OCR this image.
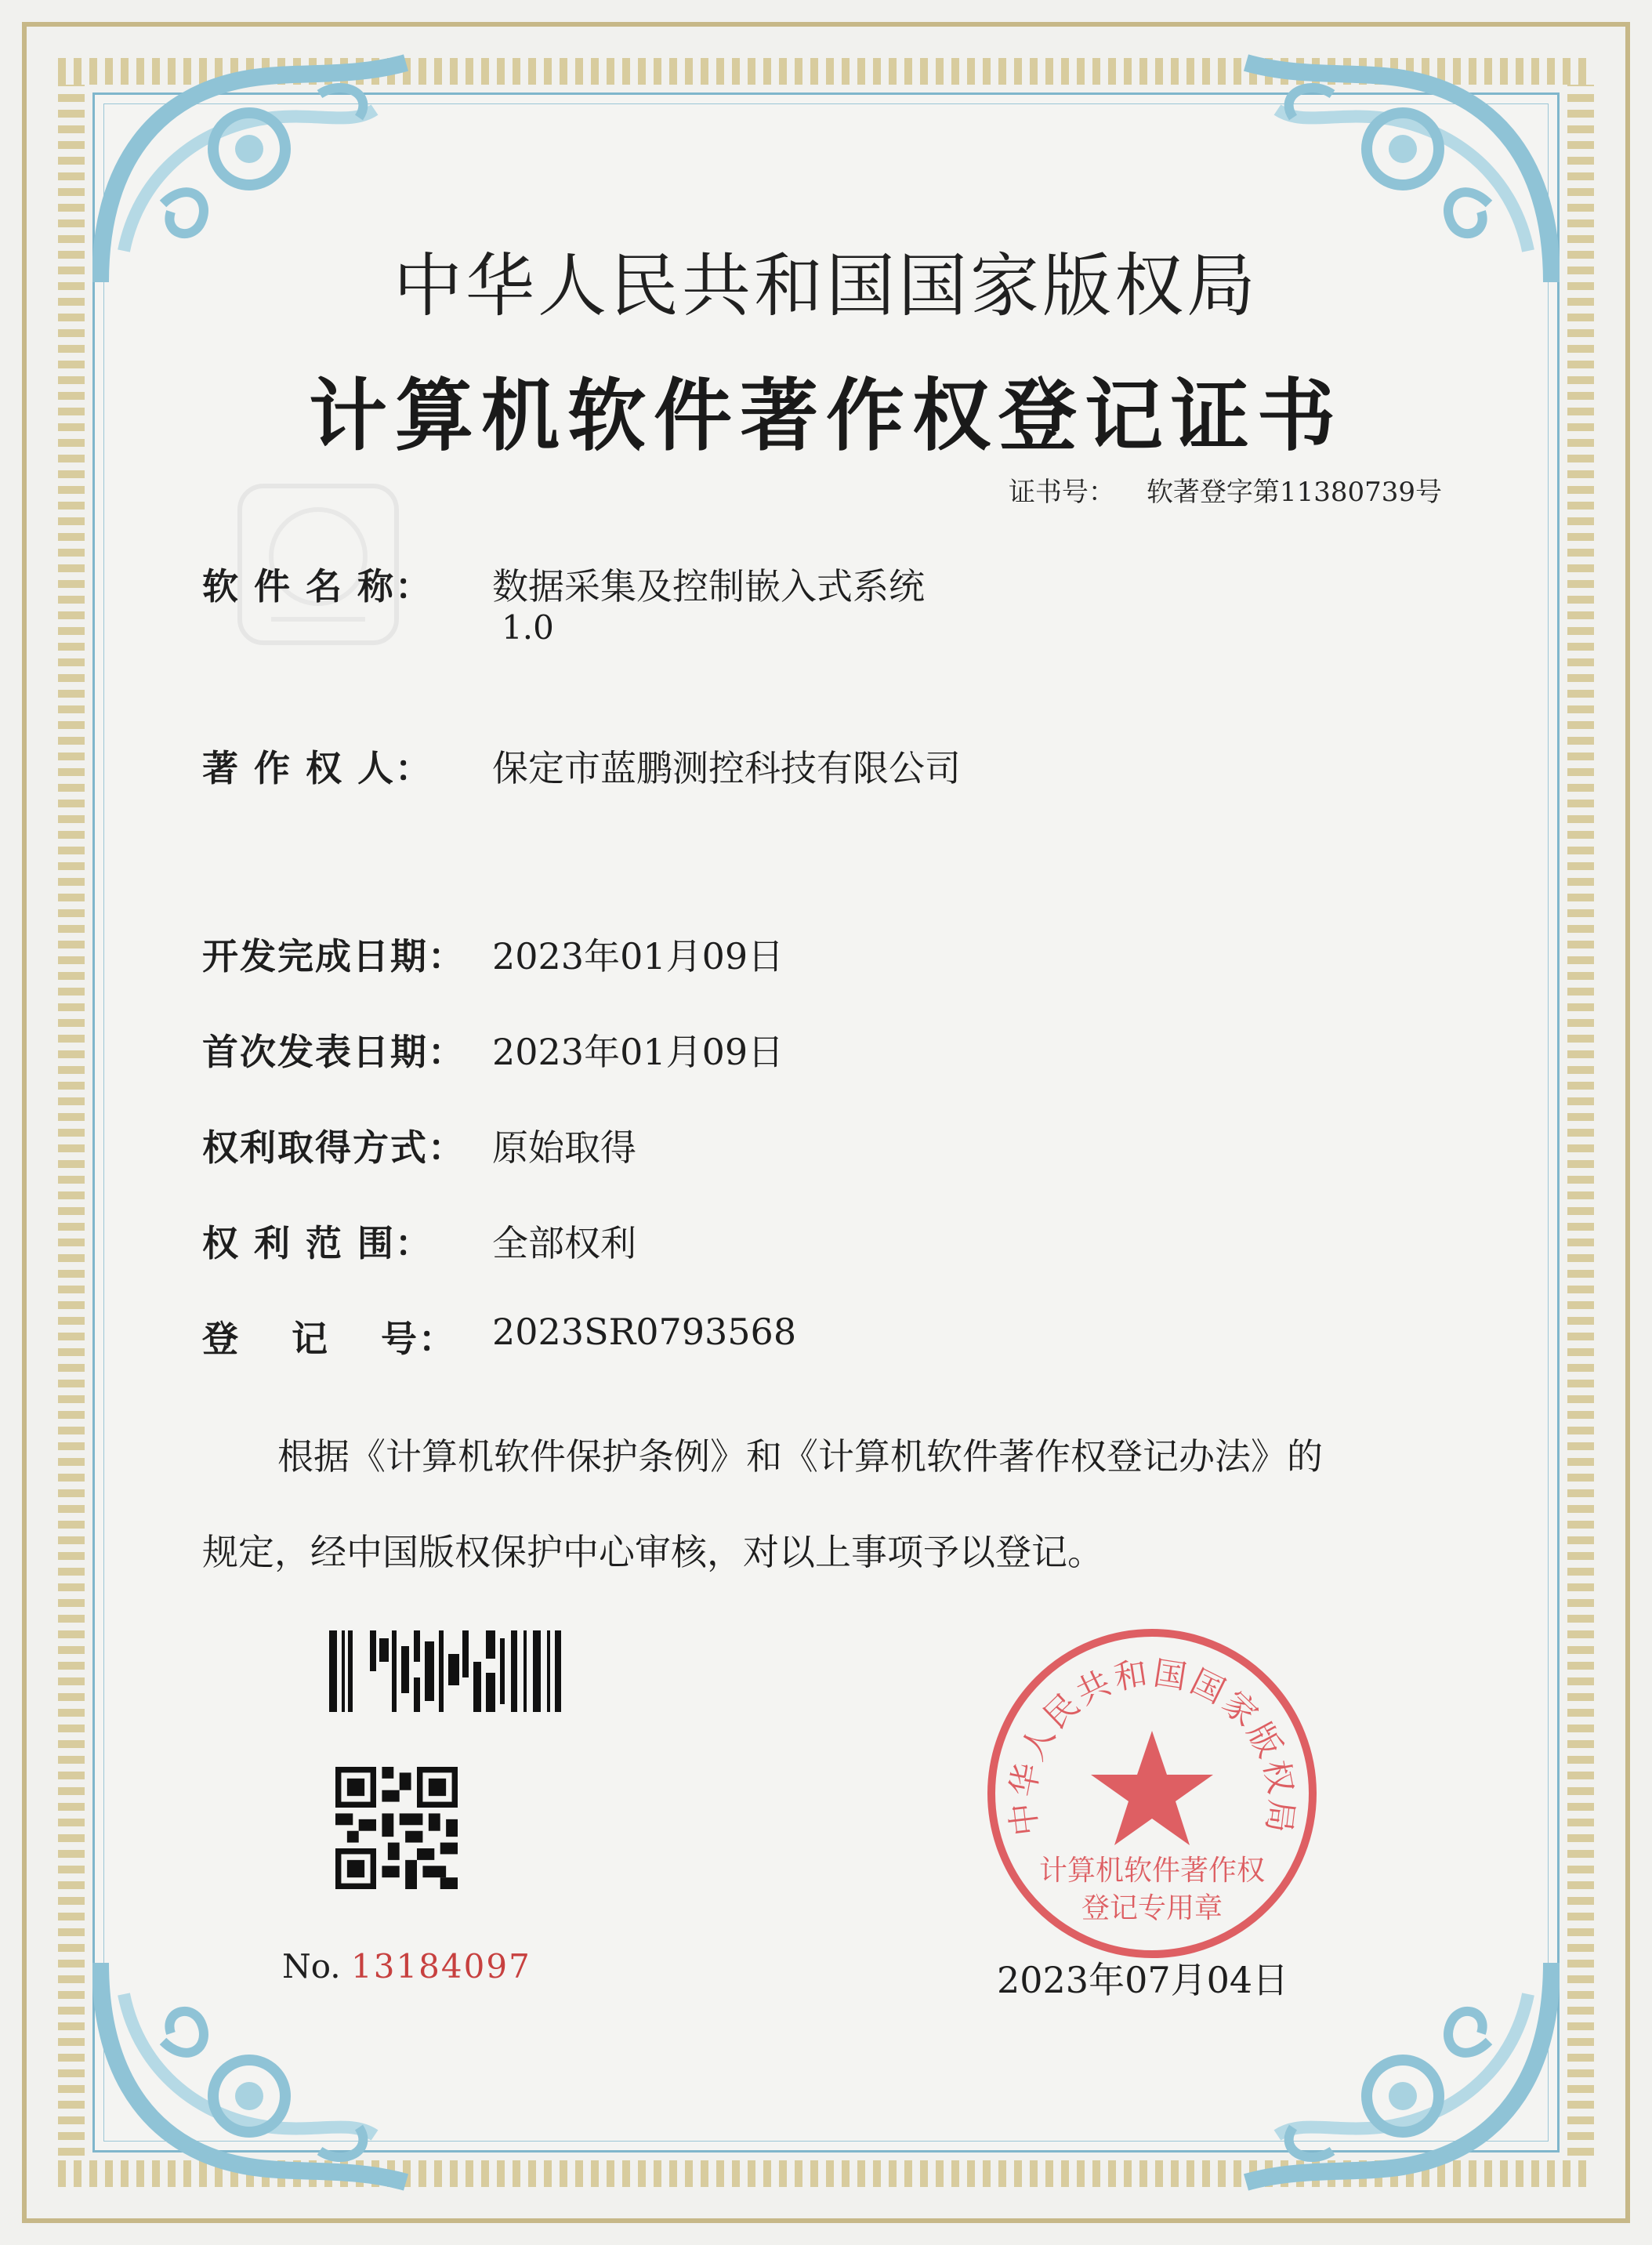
中华人民共和国国家版权局
计算机软件著作权登记证书
证书号： 软著登字第11380739号
软 件 名 称： 数据采集及控制嵌入式系统
1.0
著 作 权 人： 保定市蓝鹏测控科技有限公司
开发完成日期： 2023年01月09日
首次发表日期： 2023年01月09日
权利取得方式： 原始取得
权 利 范 围： 全部权利
登　 记 　号： 2023SR0793568
根据《计算机软件保护条例》和《计算机软件著作权登记办法》的
规定，经中国版权保护中心审核，对以上事项予以登记。
No. 13184097
中华人民共和国国家版权局
计算机软件著作权
登记专用章
2023年07月04日
